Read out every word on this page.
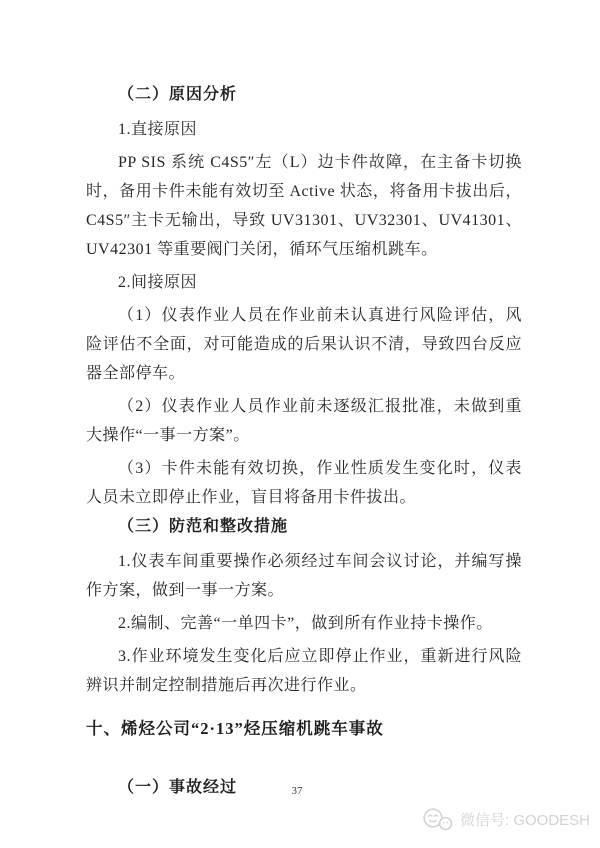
（二）原因分析

1.直接原因

PP SIS 系统 C4S5″左（L）边卡件故障，在主备卡切换时，备用卡件未能有效切至 Active 状态，将备用卡拔出后，C4S5″主卡无输出，导致 UV31301、UV32301、UV41301、UV42301 等重要阀门关闭，循环气压缩机跳车。

2.间接原因

（1）仪表作业人员在作业前未认真进行风险评估，风险评估不全面，对可能造成的后果认识不清，导致四台反应器全部停车。

（2）仪表作业人员作业前未逐级汇报批准，未做到重大操作“一事一方案”。

（3）卡件未能有效切换，作业性质发生变化时，仪表人员未立即停止作业，盲目将备用卡件拔出。

（三）防范和整改措施

1.仪表车间重要操作必须经过车间会议讨论，并编写操作方案，做到一事一方案。

2.编制、完善“一单四卡”，做到所有作业持卡操作。

3.作业环境发生变化后应立即停止作业，重新进行风险辨识并制定控制措施后再次进行作业。

十、烯烃公司“2·13”烃压缩机跳车事故
（一）事故经过	37
微信号: GOODESH
